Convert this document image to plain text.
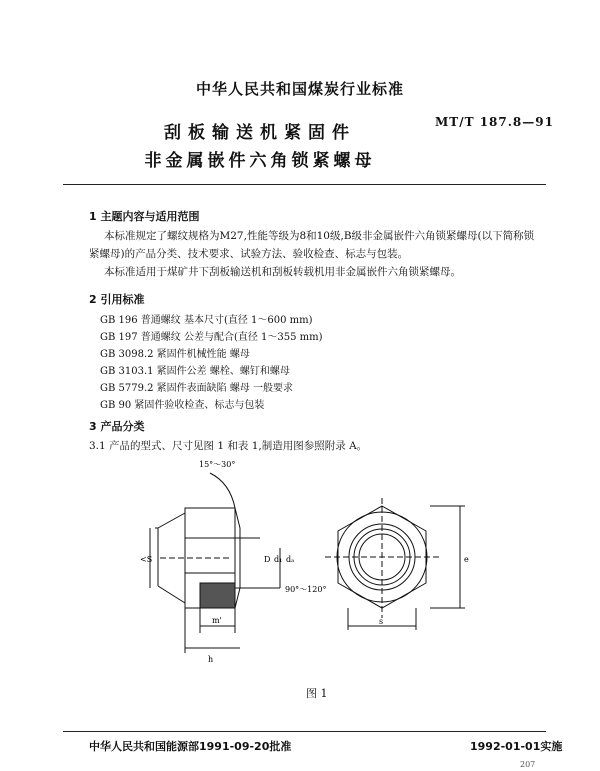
中华人民共和国煤炭行业标准
刮板输送机紧固件
非金属嵌件六角锁紧螺母
MT/T 187.8—91
1 主题内容与适用范围
本标准规定了螺纹规格为M27,性能等级为8和10级,B级非金属嵌件六角锁紧螺母(以下简称锁
紧螺母)的产品分类、技术要求、试验方法、验收检查、标志与包装。
本标准适用于煤矿井下刮板输送机和刮板转载机用非金属嵌件六角锁紧螺母。
2 引用标准
GB 196 普通螺纹 基本尺寸(直径 1～600 mm)
GB 197 普通螺纹 公差与配合(直径 1～355 mm)
GB 3098.2 紧固件机械性能 螺母
GB 3103.1 紧固件公差 螺栓、螺钉和螺母
GB 5779.2 紧固件表面缺陷 螺母 一般要求
GB 90 紧固件验收检查、标志与包装
3 产品分类
3.1 产品的型式、尺寸见图 1 和表 1,制造用图参照附录 A。
15°～30°
90°～120°
<S	D d₁ dₐ
m'
h
s
e
图 1
中华人民共和国能源部1991-09-20批准	1992-01-01实施
207
